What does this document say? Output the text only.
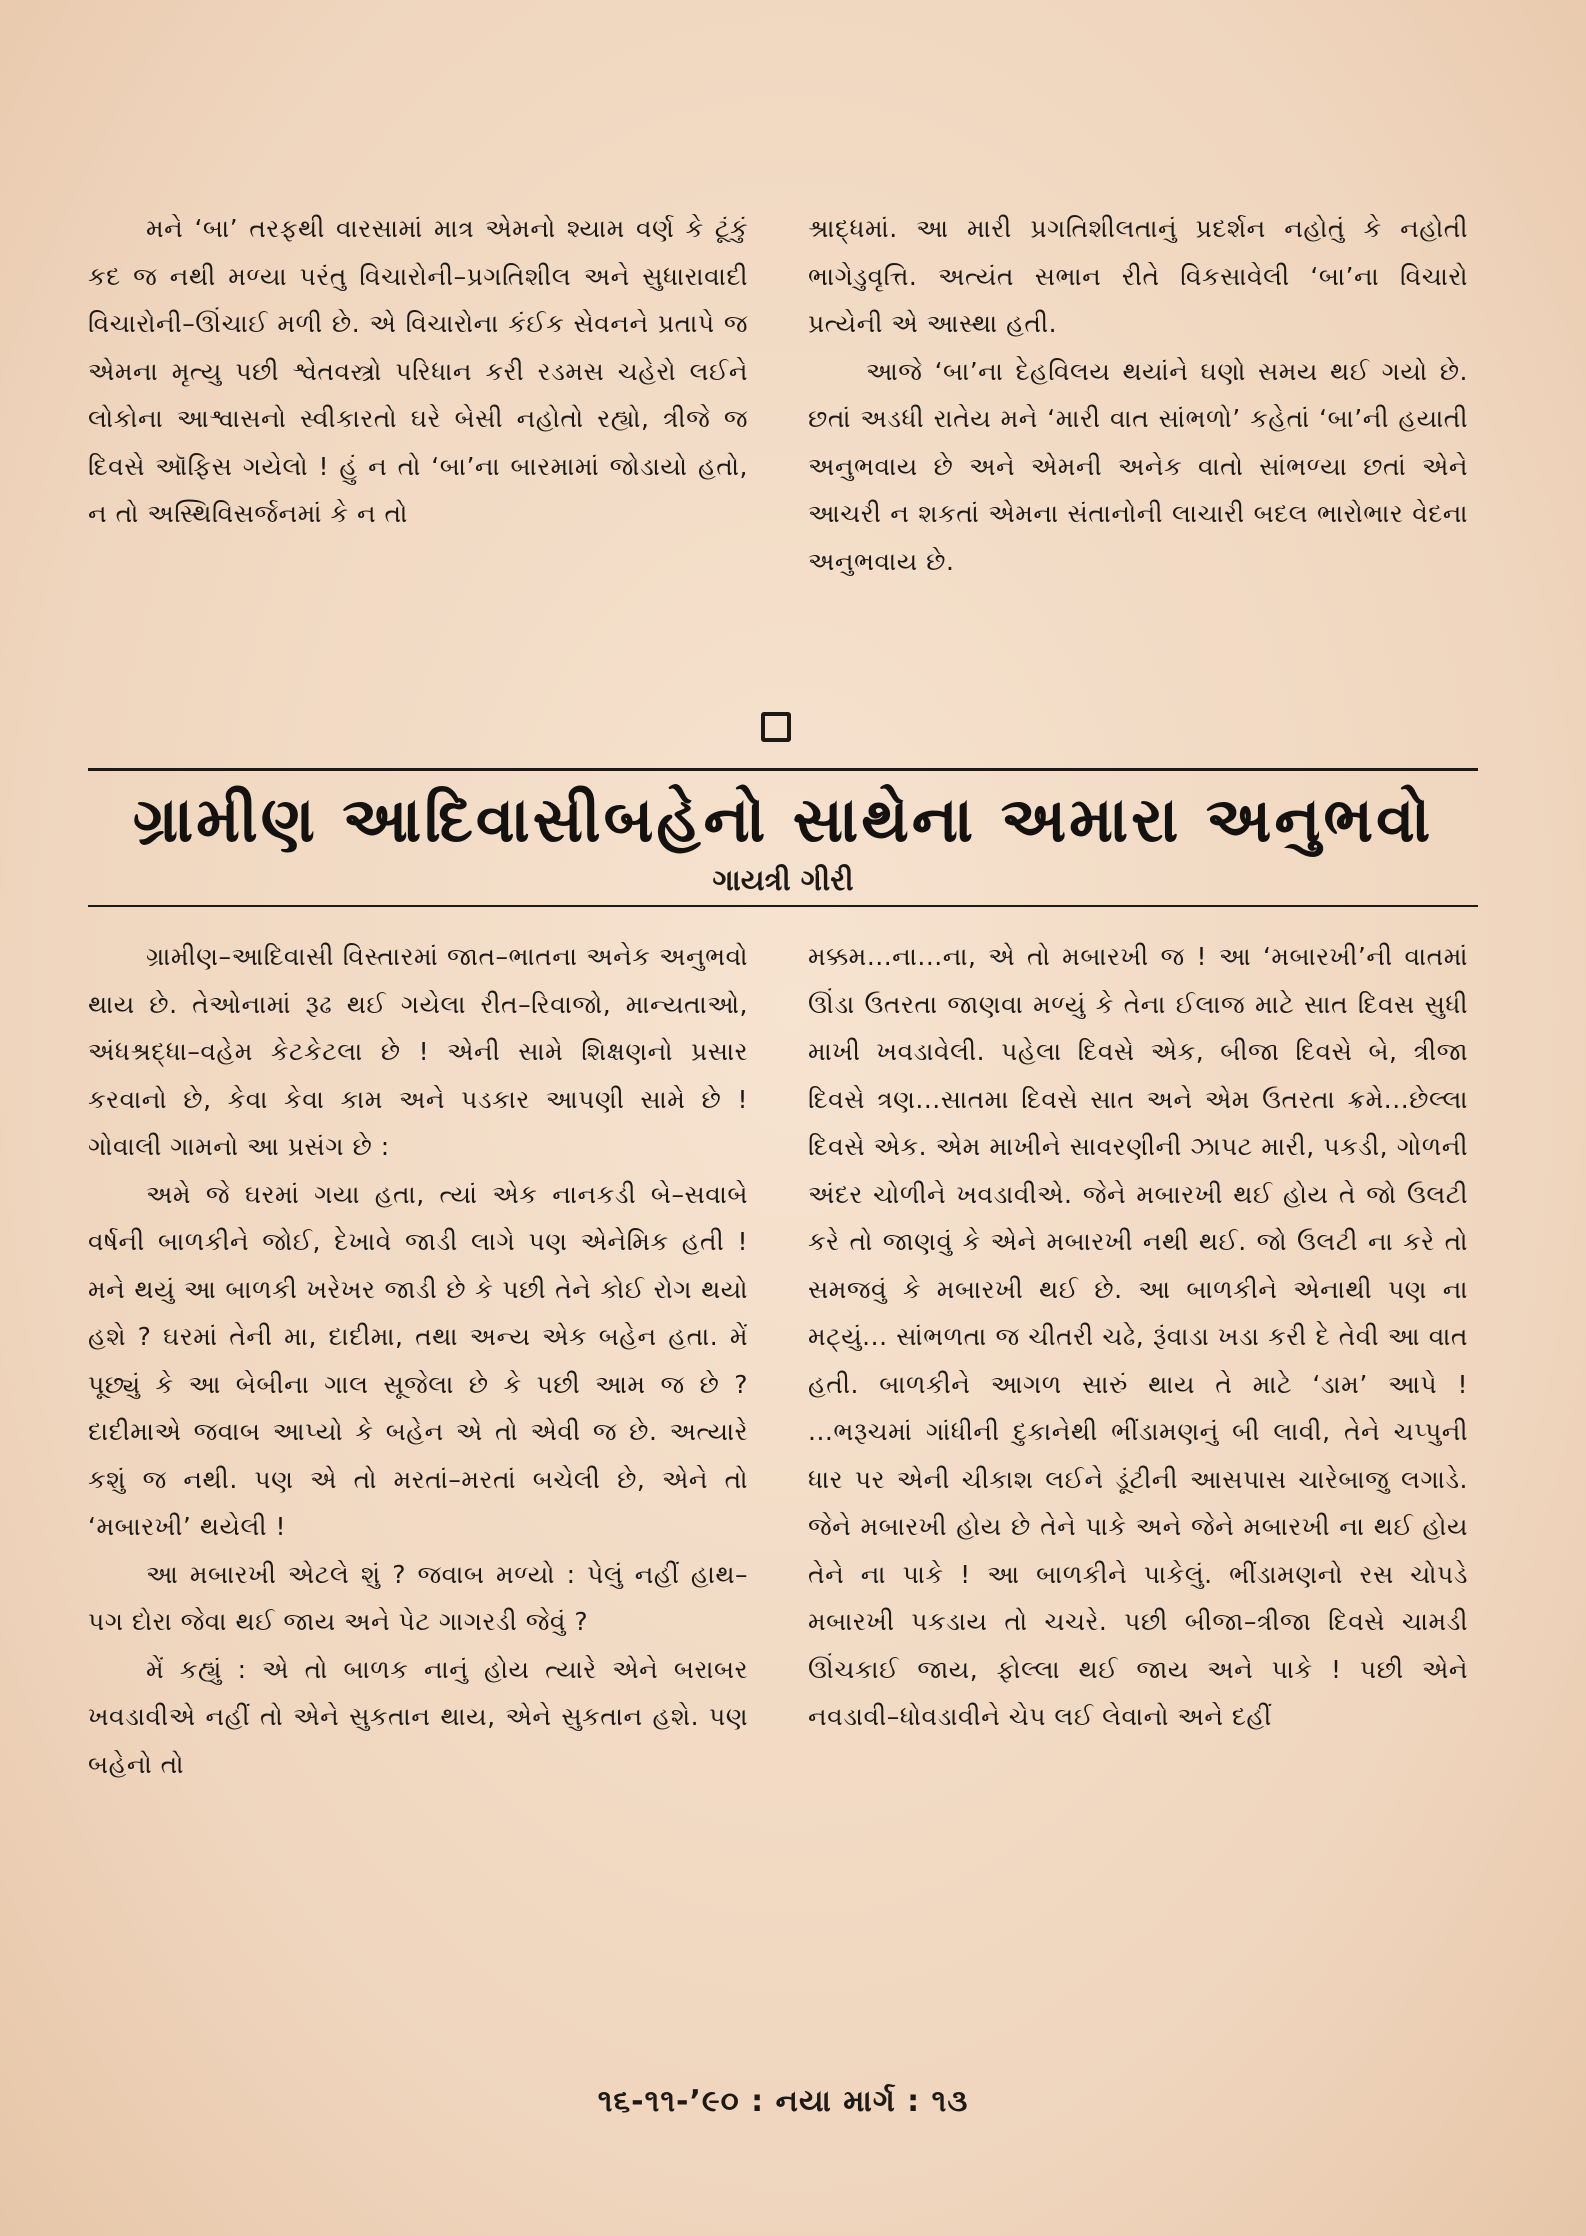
મને ‘બા’ તરફથી વારસામાં માત્ર એમનો શ્યામ વર્ણ કે ટૂંકું કદ જ નથી મળ્યા પરંતુ વિચારોની–પ્રગતિશીલ અને સુધારાવાદી વિચારોની–ઊંચાઈ મળી છે. એ વિચારોના કંઈક સેવનને પ્રતાપે જ એમના મૃત્યુ પછી શ્વેતવસ્ત્રો પરિધાન કરી રડમસ ચહેરો લઈને લોકોના આશ્વાસનો સ્વીકારતો ઘરે બેસી નહોતો રહ્યો, ત્રીજે જ દિવસે ઑફિસ ગયેલો ! હું ન તો ‘બા’ના બારમામાં જોડાયો હતો, ન તો અસ્થિવિસર્જનમાં કે ન તો

શ્રાદ્ધમાં. આ મારી પ્રગતિશીલતાનું પ્રદર્શન નહોતું કે નહોતી ભાગેડુવૃત્તિ. અત્યંત સભાન રીતે વિકસાવેલી ‘બા’ના વિચારો પ્રત્યેની એ આસ્થા હતી.

આજે ‘બા’ના દેહવિલય થયાંને ઘણો સમય થઈ ગયો છે. છતાં અડધી રાતેય મને ‘મારી વાત સાંભળો’ કહેતાં ‘બા’ની હયાતી અનુભવાય છે અને એમની અનેક વાતો સાંભળ્યા છતાં એને આચરી ન શકતાં એમના સંતાનોની લાચારી બદલ ભારોભાર વેદના અનુભવાય છે.

ગ્રામીણ આદિવાસીબહેનો સાથેના અમારા અનુભવો
ગાયત્રી ગીરી

ગ્રામીણ–આદિવાસી વિસ્તારમાં જાત–ભાતના અનેક અનુભવો થાય છે. તેઓનામાં રૂઢ થઈ ગયેલા રીત–રિવાજો, માન્યતાઓ, અંધશ્રદ્ધા–વહેમ કેટકેટલા છે ! એની સામે શિક્ષણનો પ્રસાર કરવાનો છે, કેવા કેવા કામ અને પડકાર આપણી સામે છે ! ગોવાલી ગામનો આ પ્રસંગ છે :

અમે જે ઘરમાં ગયા હતા, ત્યાં એક નાનકડી બે–સવાબે વર્ષની બાળકીને જોઈ, દેખાવે જાડી લાગે પણ એનેમિક હતી ! મને થયું આ બાળકી ખરેખર જાડી છે કે પછી તેને કોઈ રોગ થયો હશે ? ઘરમાં તેની મા, દાદીમા, તથા અન્ય એક બહેન હતા. મેં પૂછ્યું કે આ બેબીના ગાલ સૂજેલા છે કે પછી આમ જ છે ? દાદીમાએ જવાબ આપ્યો કે બહેન એ તો એવી જ છે. અત્યારે કશું જ નથી. પણ એ તો મરતાં–મરતાં બચેલી છે, એને તો ‘મબારખી’ થયેલી !

આ મબારખી એટલે શું ? જવાબ મળ્યો : પેલું નહીં હાથ–પગ દોરા જેવા થઈ જાય અને પેટ ગાગરડી જેવું ?

મેં કહ્યું : એ તો બાળક નાનું હોય ત્યારે એને બરાબર ખવડાવીએ નહીં તો એને સુકતાન થાય, એને સુકતાન હશે. પણ બહેનો તો

મક્કમ...ના...ના, એ તો મબારખી જ ! આ ‘મબારખી’ની વાતમાં ઊંડા ઉતરતા જાણવા મળ્યું કે તેના ઈલાજ માટે સાત દિવસ સુધી માખી ખવડાવેલી. પહેલા દિવસે એક, બીજા દિવસે બે, ત્રીજા દિવસે ત્રણ...સાતમા દિવસે સાત અને એમ ઉતરતા ક્રમે...છેલ્લા દિવસે એક. એમ માખીને સાવરણીની ઝાપટ મારી, પકડી, ગોળની અંદર ચોળીને ખવડાવીએ. જેને મબારખી થઈ હોય તે જો ઉલટી કરે તો જાણવું કે એને મબારખી નથી થઈ. જો ઉલટી ના કરે તો સમજવું કે મબારખી થઈ છે. આ બાળકીને એનાથી પણ ના મટ્યું... સાંભળતા જ ચીતરી ચઢે, રૂંવાડા ખડા કરી દે તેવી આ વાત હતી. બાળકીને આગળ સારું થાય તે માટે ‘ડામ’ આપે ! ...ભરૂચમાં ગાંધીની દુકાનેથી ભીંડામણનું બી લાવી, તેને ચપ્પુની ધાર પર એની ચીકાશ લઈને ડૂંટીની આસપાસ ચારેબાજુ લગાડે. જેને મબારખી હોય છે તેને પાકે અને જેને મબારખી ના થઈ હોય તેને ના પાકે ! આ બાળકીને પાકેલું. ભીંડામણનો રસ ચોપડે મબારખી પકડાય તો ચચરે. પછી બીજા–ત્રીજા દિવસે ચામડી ઊંચકાઈ જાય, ફોલ્લા થઈ જાય અને પાકે ! પછી એને નવડાવી–ધોવડાવીને ચેપ લઈ લેવાનો અને દહીં

૧૬-૧૧-’૯૦ : નયા માર્ગ : ૧૩
